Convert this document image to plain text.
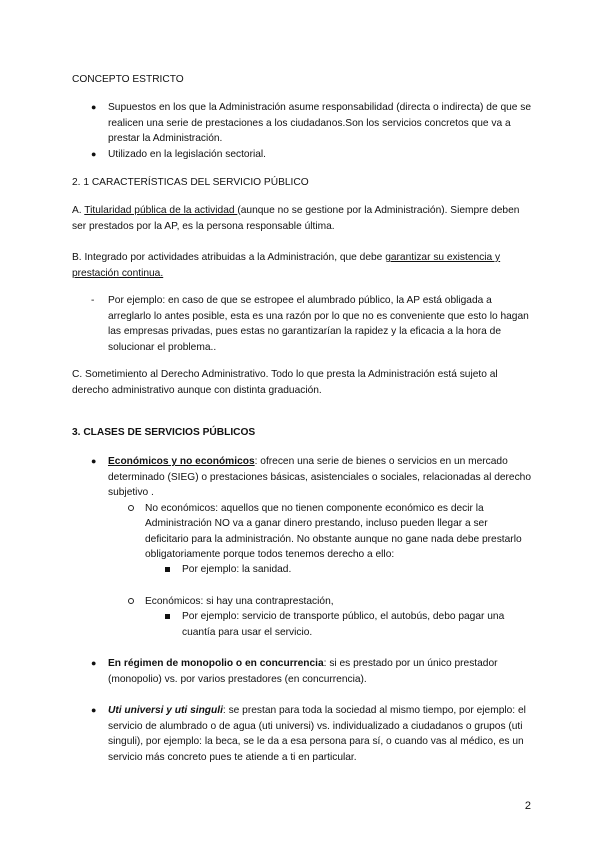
CONCEPTO ESTRICTO
● Supuestos en los que la Administración asume responsabilidad (directa o indirecta) de que se
realicen una serie de prestaciones a los ciudadanos.Son los servicios concretos que va a
prestar la Administración.
● Utilizado en la legislación sectorial.
2. 1 CARACTERÍSTICAS DEL SERVICIO PÚBLICO
A. Titularidad pública de la actividad (aunque no se gestione por la Administración). Siempre deben
ser prestados por la AP, es la persona responsable última.
B. Integrado por actividades atribuidas a la Administración, que debe garantizar su existencia y
prestación continua.
- Por ejemplo: en caso de que se estropee el alumbrado público, la AP está obligada a
arreglarlo lo antes posible, esta es una razón por lo que no es conveniente que esto lo hagan
las empresas privadas, pues estas no garantizarían la rapidez y la eficacia a la hora de
solucionar el problema..
C. Sometimiento al Derecho Administrativo. Todo lo que presta la Administración está sujeto al
derecho administrativo aunque con distinta graduación.
3. CLASES DE SERVICIOS PÚBLICOS
● Económicos y no económicos: ofrecen una serie de bienes o servicios en un mercado
determinado (SIEG) o prestaciones básicas, asistenciales o sociales, relacionadas al derecho
subjetivo .
No económicos: aquellos que no tienen componente económico es decir la
Administración NO va a ganar dinero prestando, incluso pueden llegar a ser
deficitario para la administración. No obstante aunque no gane nada debe prestarlo
obligatoriamente porque todos tenemos derecho a ello:
Por ejemplo: la sanidad.
Económicos: si hay una contraprestación,
Por ejemplo: servicio de transporte público, el autobús, debo pagar una
cuantía para usar el servicio.
● En régimen de monopolio o en concurrencia: si es prestado por un único prestador
(monopolio) vs. por varios prestadores (en concurrencia).
● Uti universi y uti singuli: se prestan para toda la sociedad al mismo tiempo, por ejemplo: el
servicio de alumbrado o de agua (uti universi) vs. individualizado a ciudadanos o grupos (uti
singuli), por ejemplo: la beca, se le da a esa persona para sí, o cuando vas al médico, es un
servicio más concreto pues te atiende a ti en particular.
2
